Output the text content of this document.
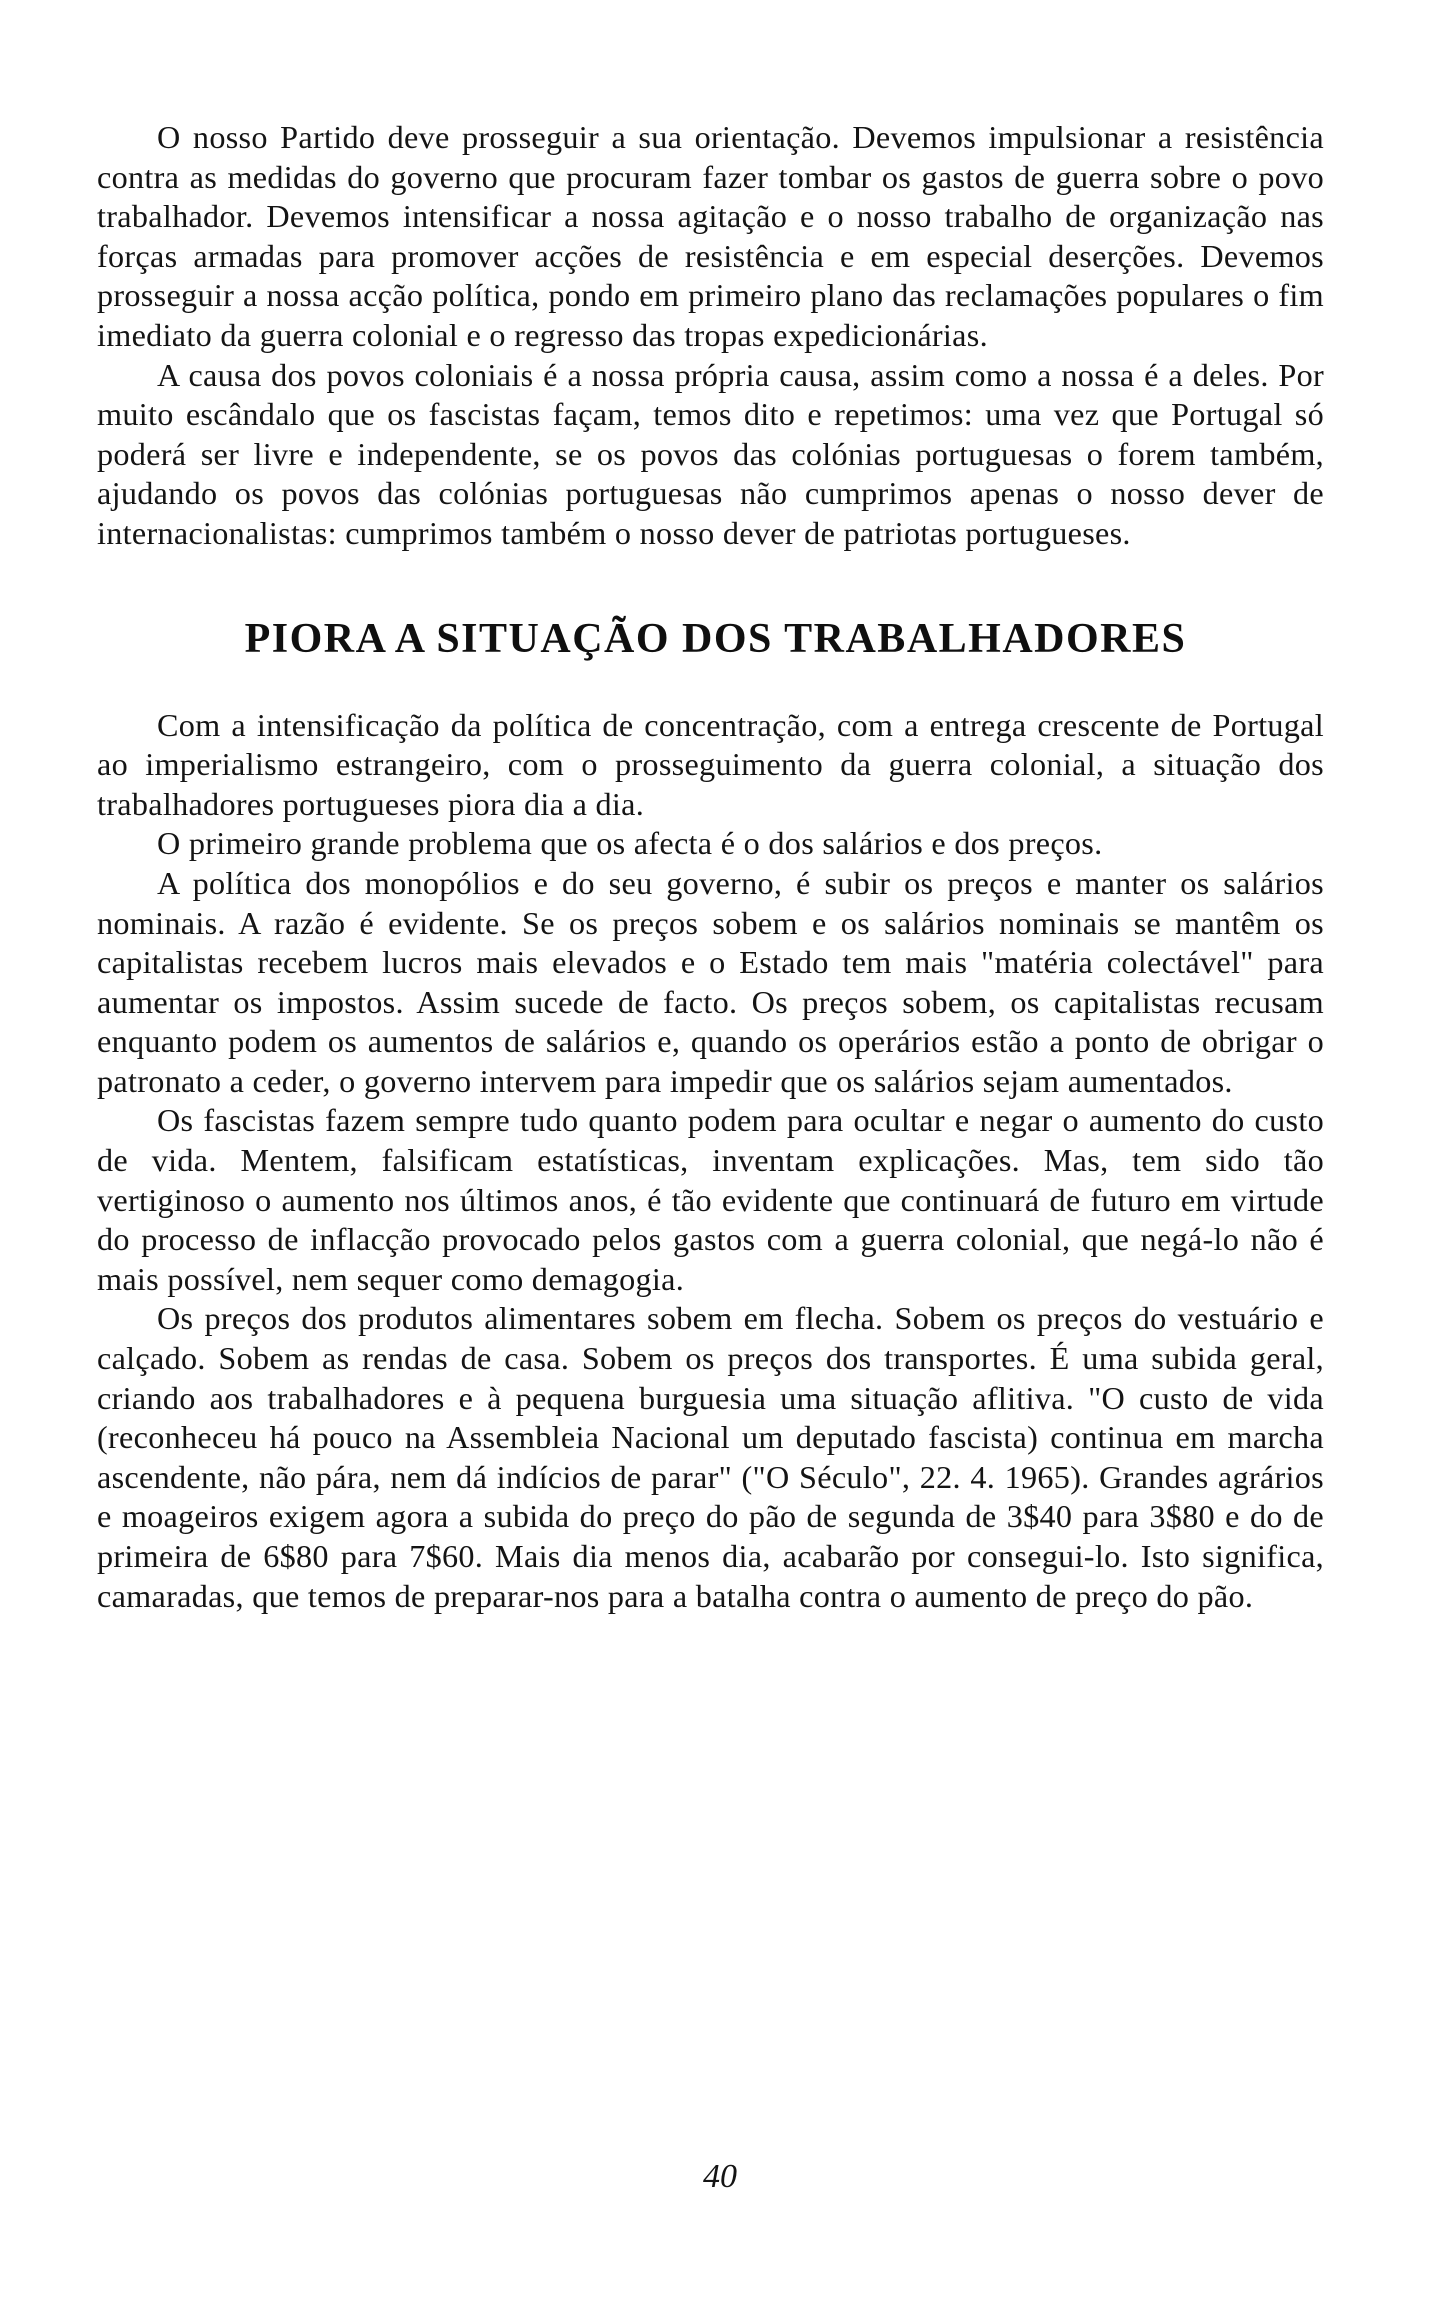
O nosso Partido deve prosseguir a sua orientação. Devemos impulsionar a resistência contra as medidas do governo que procuram fazer tombar os gastos de guerra sobre o povo trabalhador. Devemos intensificar a nossa agitação e o nosso trabalho de organização nas forças armadas para promover acções de resistência e em especial deserções. Devemos prosseguir a nossa acção política, pondo em primeiro plano das reclamações populares o fim imediato da guerra colonial e o regresso das tropas expedicionárias.

A causa dos povos coloniais é a nossa própria causa, assim como a nossa é a deles. Por muito escândalo que os fascistas façam, temos dito e repetimos: uma vez que Portugal só poderá ser livre e independente, se os povos das colónias portuguesas o forem também, ajudando os povos das colónias portuguesas não cumprimos apenas o nosso dever de internacionalistas: cumprimos também o nosso dever de patriotas portugueses.

PIORA A SITUAÇÃO DOS TRABALHADORES

Com a intensificação da política de concentração, com a entrega crescente de Portugal ao imperialismo estrangeiro, com o prosseguimento da guerra colonial, a situação dos trabalhadores portugueses piora dia a dia.

O primeiro grande problema que os afecta é o dos salários e dos preços.

A política dos monopólios e do seu governo, é subir os preços e manter os salários nominais. A razão é evidente. Se os preços sobem e os salários nominais se mantêm os capitalistas recebem lucros mais elevados e o Estado tem mais "matéria colectável" para aumentar os impostos. Assim sucede de facto. Os preços sobem, os capitalistas recusam enquanto podem os aumentos de salários e, quando os operários estão a ponto de obrigar o patronato a ceder, o governo intervem para impedir que os salários sejam aumentados.

Os fascistas fazem sempre tudo quanto podem para ocultar e negar o aumento do custo de vida. Mentem, falsificam estatísticas, inventam explicações. Mas, tem sido tão vertiginoso o aumento nos últimos anos, é tão evidente que continuará de futuro em virtude do processo de inflacção provocado pelos gastos com a guerra colonial, que negá-lo não é mais possível, nem sequer como demagogia.

Os preços dos produtos alimentares sobem em flecha. Sobem os preços do vestuário e calçado. Sobem as rendas de casa. Sobem os preços dos transportes. É uma subida geral, criando aos trabalhadores e à pequena burguesia uma situação aflitiva. "O custo de vida (reconheceu há pouco na Assembleia Nacional um deputado fascista) continua em marcha ascendente, não pára, nem dá indícios de parar" ("O Século", 22. 4. 1965). Grandes agrários e moageiros exigem agora a subida do preço do pão de segunda de 3$40 para 3$80 e do de primeira de 6$80 para 7$60. Mais dia menos dia, acabarão por consegui-lo. Isto significa, camaradas, que temos de preparar-nos para a batalha contra o aumento de preço do pão.

40
